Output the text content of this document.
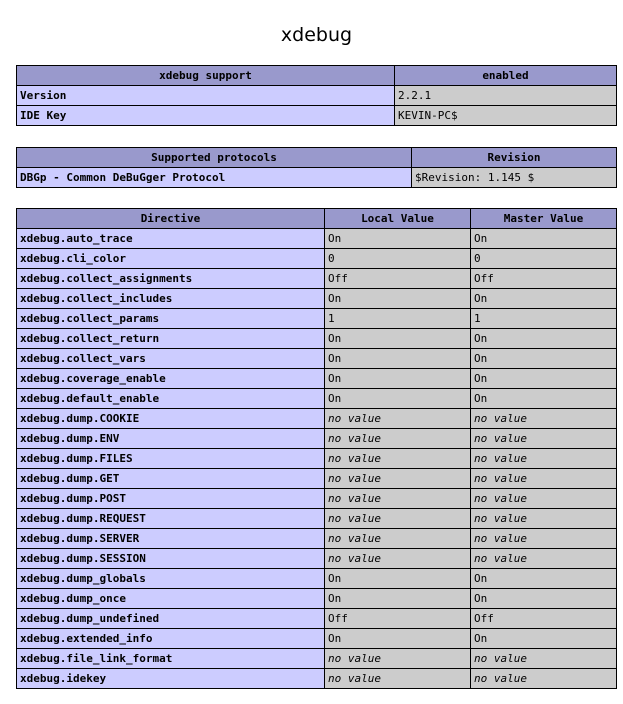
xdebug
xdebug support	enabled
Version	2.2.1
IDE Key	KEVIN-PC$
Supported protocols	Revision
DBGp - Common DeBuGger Protocol	$Revision: 1.145 $
Directive	Local Value	Master Value
xdebug.auto_trace	On	On
xdebug.cli_color	0	0
xdebug.collect_assignments	Off	Off
xdebug.collect_includes	On	On
xdebug.collect_params	1	1
xdebug.collect_return	On	On
xdebug.collect_vars	On	On
xdebug.coverage_enable	On	On
xdebug.default_enable	On	On
xdebug.dump.COOKIE	no value	no value
xdebug.dump.ENV	no value	no value
xdebug.dump.FILES	no value	no value
xdebug.dump.GET	no value	no value
xdebug.dump.POST	no value	no value
xdebug.dump.REQUEST	no value	no value
xdebug.dump.SERVER	no value	no value
xdebug.dump.SESSION	no value	no value
xdebug.dump_globals	On	On
xdebug.dump_once	On	On
xdebug.dump_undefined	Off	Off
xdebug.extended_info	On	On
xdebug.file_link_format	no value	no value
xdebug.idekey	no value	no value
